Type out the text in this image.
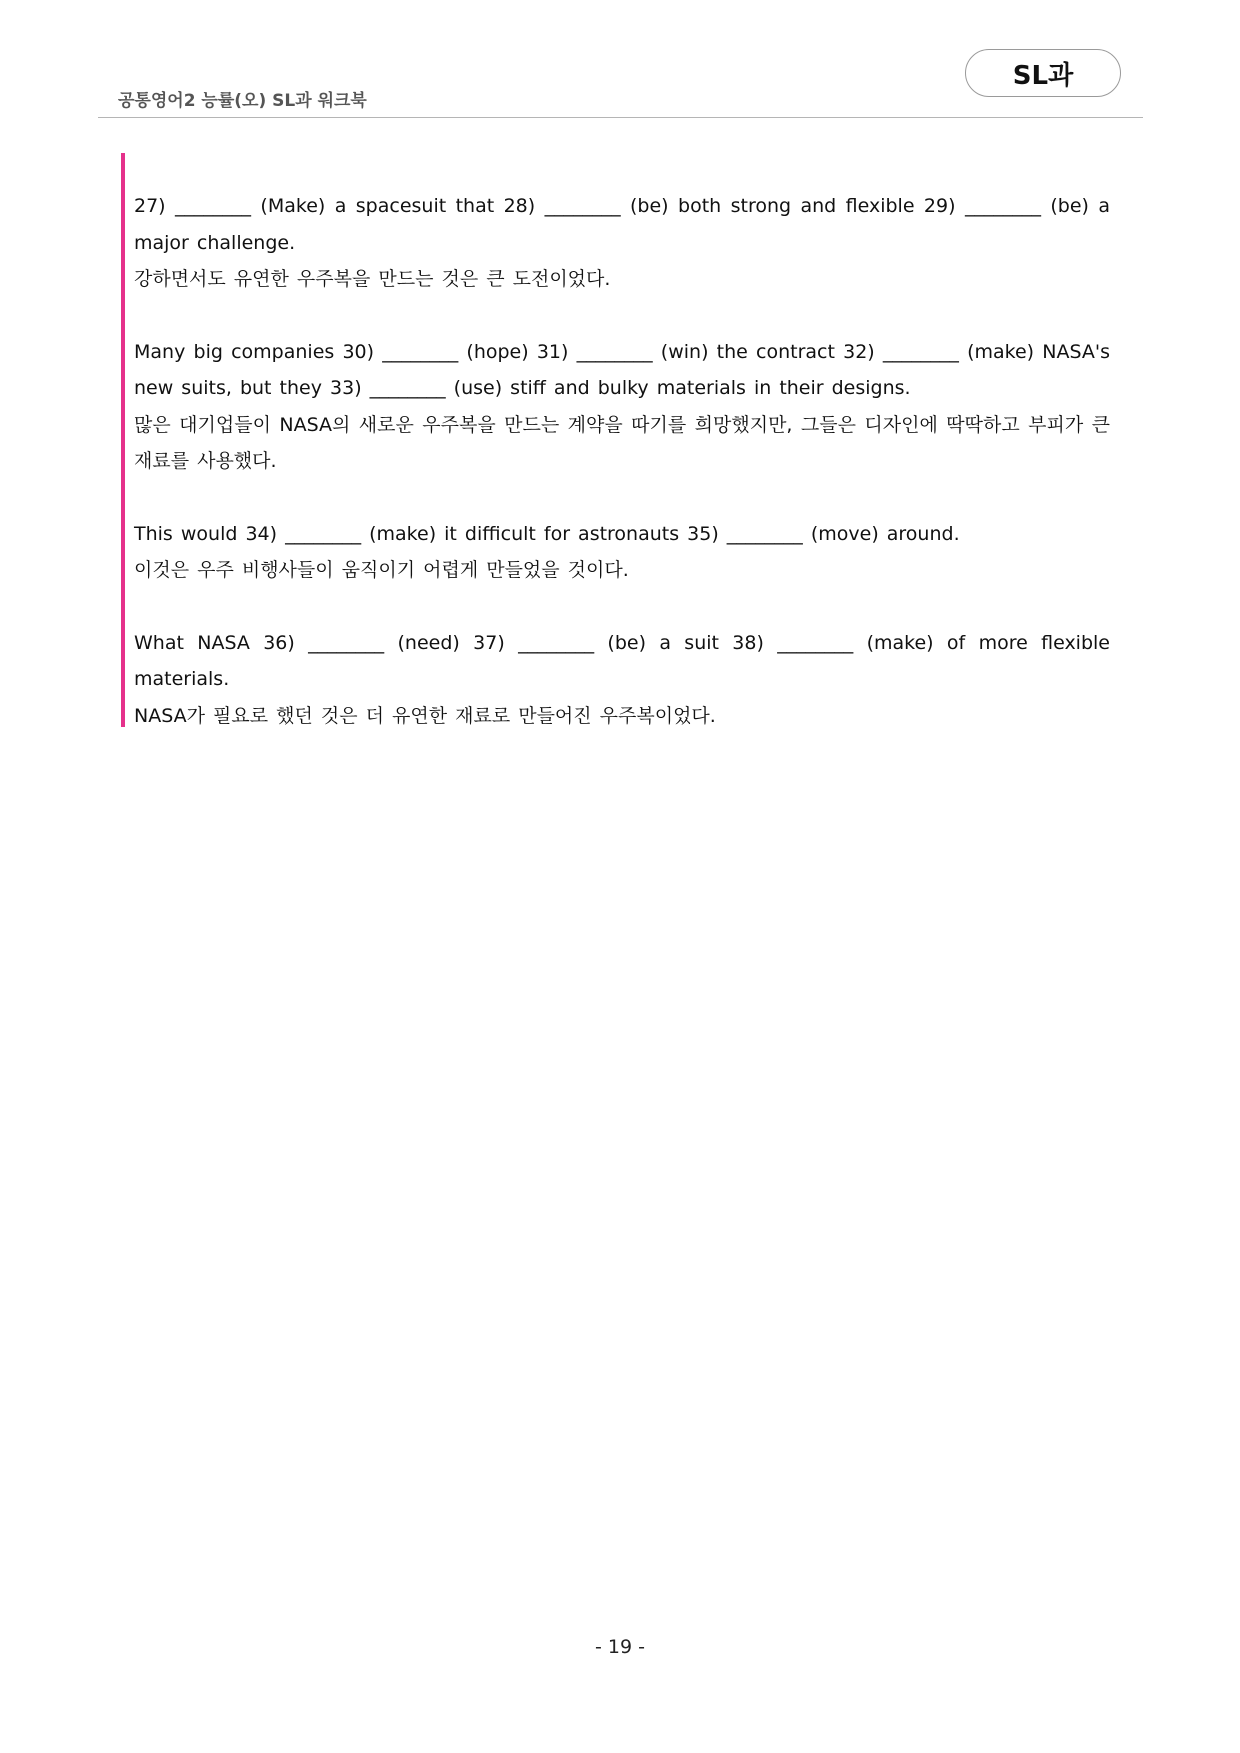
공통영어2 능률(오) SL과 워크북
SL과

27) ________ (Make) a spacesuit that 28) ________ (be) both strong and flexible 29) ________ (be) a major challenge.

강하면서도 유연한 우주복을 만드는 것은 큰 도전이었다.

Many big companies 30) ________ (hope) 31) ________ (win) the contract 32) ________ (make) NASA's new suits, but they 33) ________ (use) stiff and bulky materials in their designs.

많은 대기업들이 NASA의 새로운 우주복을 만드는 계약을 따기를 희망했지만, 그들은 디자인에 딱딱하고 부피가 큰 재료를 사용했다.

This would 34) ________ (make) it difficult for astronauts 35) ________ (move) around.

이것은 우주 비행사들이 움직이기 어렵게 만들었을 것이다.

What NASA 36) ________ (need) 37) ________ (be) a suit 38) ________ (make) of more flexible materials.

NASA가 필요로 했던 것은 더 유연한 재료로 만들어진 우주복이었다.

- 19 -
